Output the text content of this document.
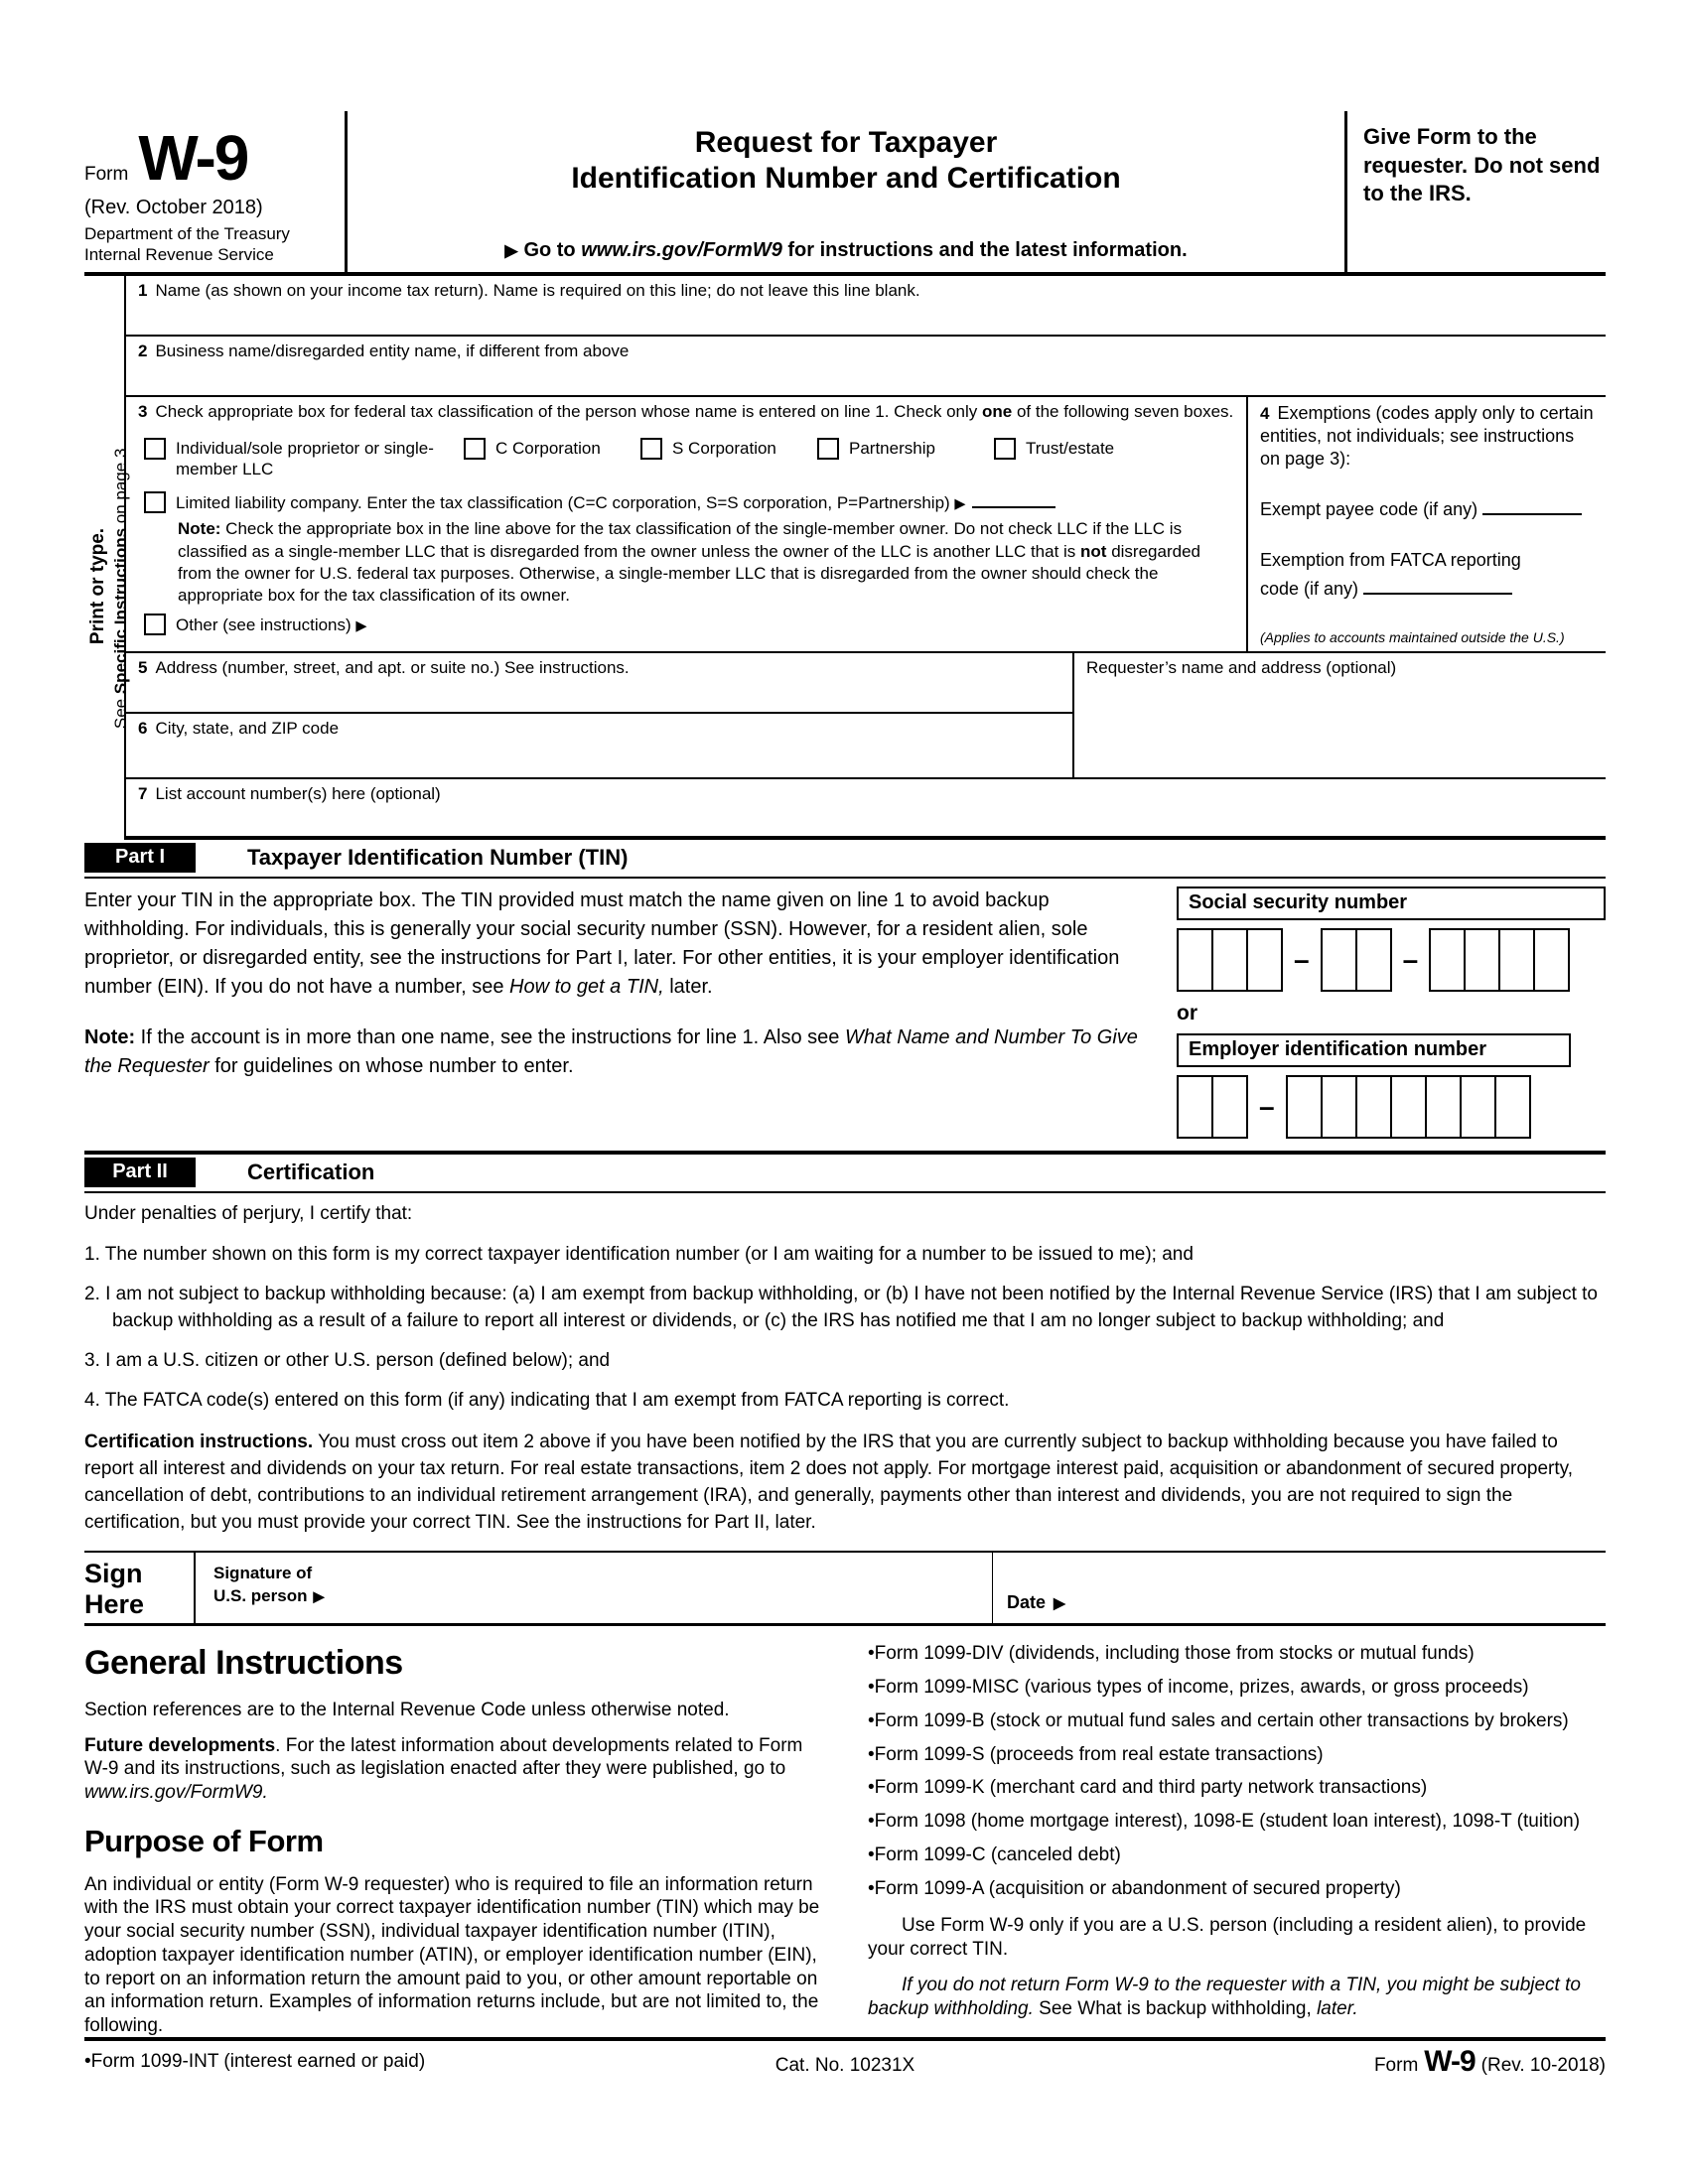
Form W-9
(Rev. October 2018)
Department of the Treasury
Internal Revenue Service
Request for Taxpayer
Identification Number and Certification
▶ Go to www.irs.gov/FormW9 for instructions and the latest information.
Give Form to the requester. Do not send to the IRS.
Print or type.
See Specific Instructions on page 3.
1 Name (as shown on your income tax return). Name is required on this line; do not leave this line blank.
2 Business name/disregarded entity name, if different from above
3 Check appropriate box for federal tax classification of the person whose name is entered on line 1. Check only one of the following seven boxes.
Individual/sole proprietor or single-member LLC
C Corporation	S Corporation	Partnership	Trust/estate
Limited liability company. Enter the tax classification (C=C corporation, S=S corporation, P=Partnership) ▶
Note: Check the appropriate box in the line above for the tax classification of the single-member owner. Do not check LLC if the LLC is classified as a single-member LLC that is disregarded from the owner unless the owner of the LLC is another LLC that is not disregarded from the owner for U.S. federal tax purposes. Otherwise, a single-member LLC that is disregarded from the owner should check the appropriate box for the tax classification of its owner.
Other (see instructions) ▶
4 Exemptions (codes apply only to certain entities, not individuals; see instructions on page 3):
Exempt payee code (if any)
Exemption from FATCA reporting
code (if any)
(Applies to accounts maintained outside the U.S.)
5 Address (number, street, and apt. or suite no.) See instructions.
6 City, state, and ZIP code
Requester’s name and address (optional)
7 List account number(s) here (optional)
Part I	Taxpayer Identification Number (TIN)

Enter your TIN in the appropriate box. The TIN provided must match the name given on line 1 to avoid backup withholding. For individuals, this is generally your social security number (SSN). However, for a resident alien, sole proprietor, or disregarded entity, see the instructions for Part I, later. For other entities, it is your employer identification number (EIN). If you do not have a number, see How to get a TIN, later.

Note: If the account is in more than one name, see the instructions for line 1. Also see What Name and Number To Give the Requester for guidelines on whose number to enter.

Social security number
–
–
or
Employer identification number
–
Part II	Certification
Under penalties of perjury, I certify that:
1. The number shown on this form is my correct taxpayer identification number (or I am waiting for a number to be issued to me); and
2. I am not subject to backup withholding because: (a) I am exempt from backup withholding, or (b) I have not been notified by the Internal Revenue Service (IRS) that I am subject to backup withholding as a result of a failure to report all interest or dividends, or (c) the IRS has notified me that I am no longer subject to backup withholding; and
3. I am a U.S. citizen or other U.S. person (defined below); and
4. The FATCA code(s) entered on this form (if any) indicating that I am exempt from FATCA reporting is correct.
Certification instructions. You must cross out item 2 above if you have been notified by the IRS that you are currently subject to backup withholding because you have failed to report all interest and dividends on your tax return. For real estate transactions, item 2 does not apply. For mortgage interest paid, acquisition or abandonment of secured property, cancellation of debt, contributions to an individual retirement arrangement (IRA), and generally, payments other than interest and dividends, you are not required to sign the certification, but you must provide your correct TIN. See the instructions for Part II, later.
Sign
Here
Signature of
U.S. person ▶	Date
▶
General Instructions

Section references are to the Internal Revenue Code unless otherwise noted.

Future developments. For the latest information about developments related to Form W-9 and its instructions, such as legislation enacted after they were published, go to www.irs.gov/FormW9.

Purpose of Form

An individual or entity (Form W-9 requester) who is required to file an information return with the IRS must obtain your correct taxpayer identification number (TIN) which may be your social security number (SSN), individual taxpayer identification number (ITIN), adoption taxpayer identification number (ATIN), or employer identification number (EIN), to report on an information return the amount paid to you, or other amount reportable on an information return. Examples of information returns include, but are not limited to, the following.

• Form 1099-INT (interest earned or paid)
• Form 1099-DIV (dividends, including those from stocks or mutual funds)
• Form 1099-MISC (various types of income, prizes, awards, or gross proceeds)
• Form 1099-B (stock or mutual fund sales and certain other transactions by brokers)
• Form 1099-S (proceeds from real estate transactions)
• Form 1099-K (merchant card and third party network transactions)
• Form 1098 (home mortgage interest), 1098-E (student loan interest), 1098-T (tuition)
• Form 1099-C (canceled debt)
• Form 1099-A (acquisition or abandonment of secured property)

Use Form W-9 only if you are a U.S. person (including a resident alien), to provide your correct TIN.

If you do not return Form W-9 to the requester with a TIN, you might be subject to backup withholding. See What is backup withholding, later.

Cat. No. 10231X	Form W-9 (Rev. 10-2018)
